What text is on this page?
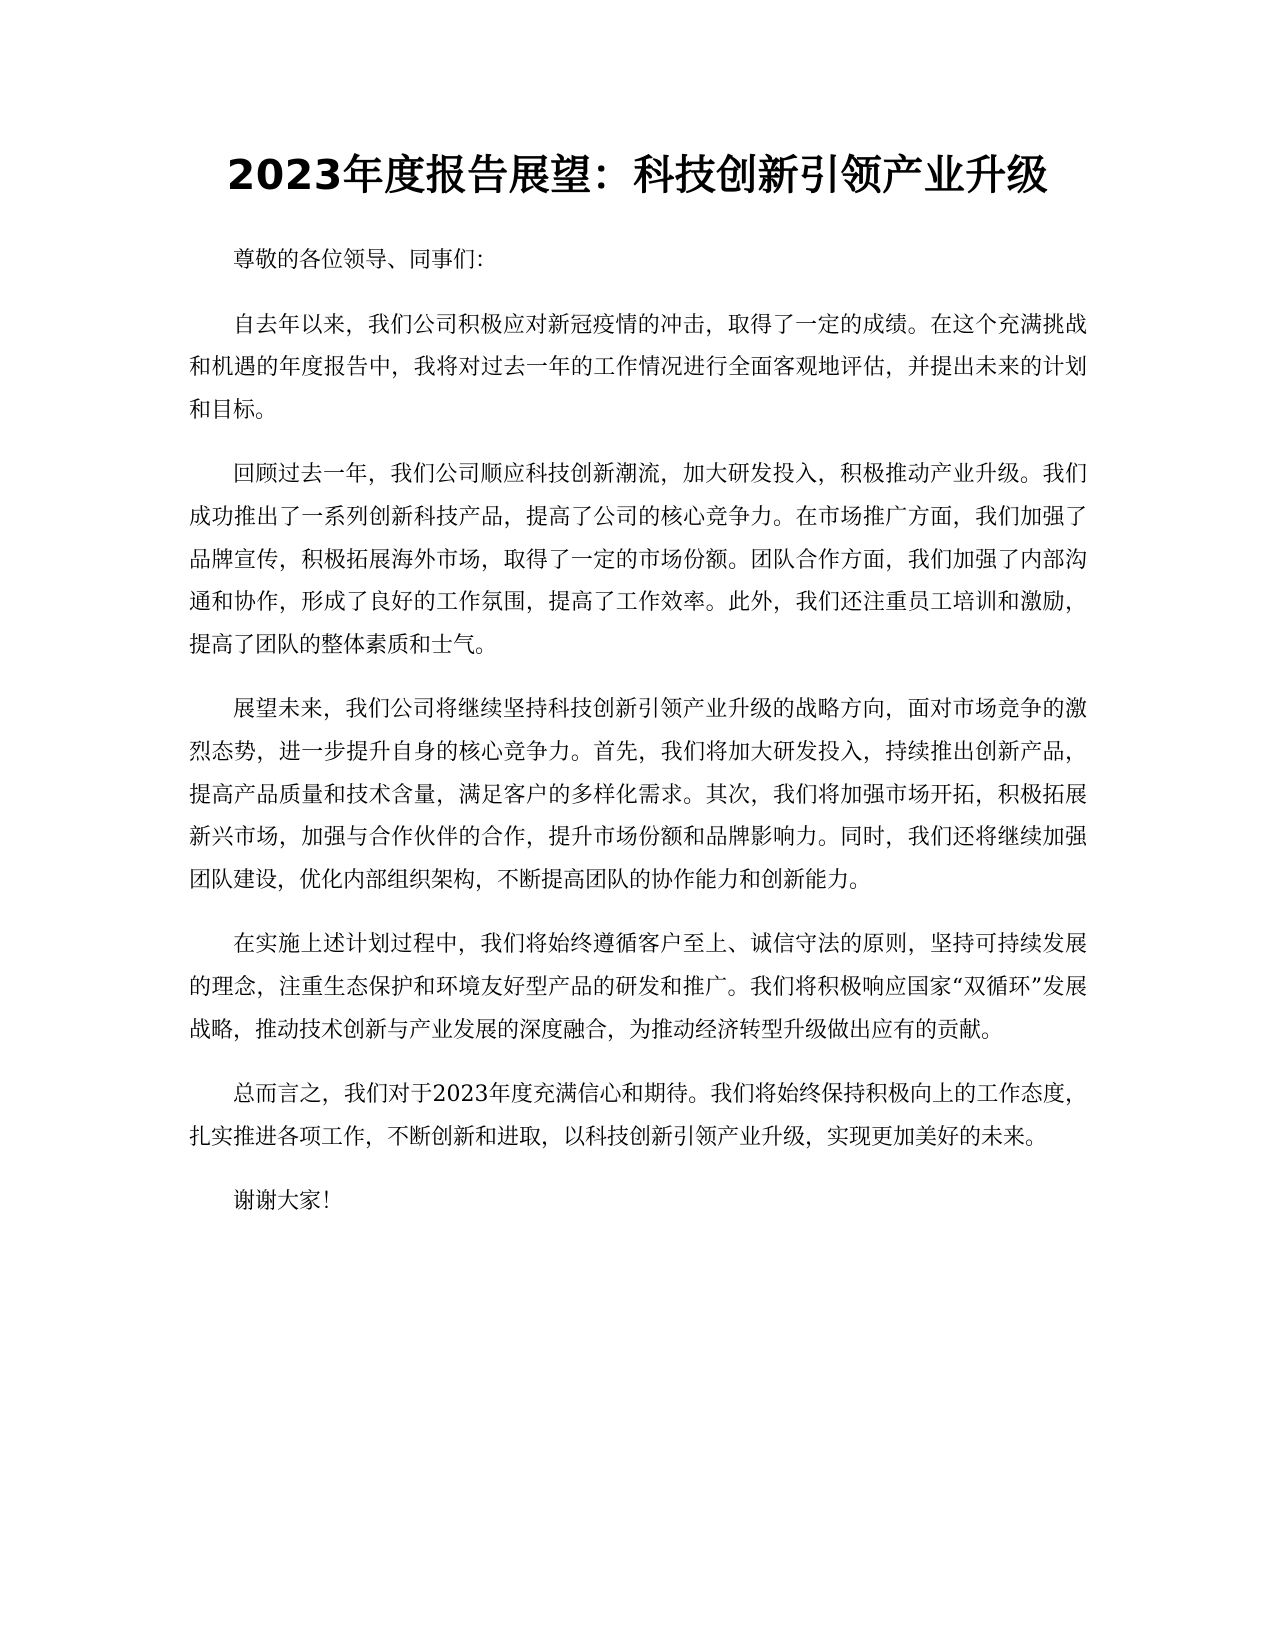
2023年度报告展望：科技创新引领产业升级

尊敬的各位领导、同事们：

自去年以来，我们公司积极应对新冠疫情的冲击，取得了一定的成绩。在这个充满挑战和机遇的年度报告中，我将对过去一年的工作情况进行全面客观地评估，并提出未来的计划和目标。

回顾过去一年，我们公司顺应科技创新潮流，加大研发投入，积极推动产业升级。我们成功推出了一系列创新科技产品，提高了公司的核心竞争力。在市场推广方面，我们加强了品牌宣传，积极拓展海外市场，取得了一定的市场份额。团队合作方面，我们加强了内部沟通和协作，形成了良好的工作氛围，提高了工作效率。此外，我们还注重员工培训和激励，提高了团队的整体素质和士气。

展望未来，我们公司将继续坚持科技创新引领产业升级的战略方向，面对市场竞争的激烈态势，进一步提升自身的核心竞争力。首先，我们将加大研发投入，持续推出创新产品，提高产品质量和技术含量，满足客户的多样化需求。其次，我们将加强市场开拓，积极拓展新兴市场，加强与合作伙伴的合作，提升市场份额和品牌影响力。同时，我们还将继续加强团队建设，优化内部组织架构，不断提高团队的协作能力和创新能力。

在实施上述计划过程中，我们将始终遵循客户至上、诚信守法的原则，坚持可持续发展的理念，注重生态保护和环境友好型产品的研发和推广。我们将积极响应国家“双循环”发展战略，推动技术创新与产业发展的深度融合，为推动经济转型升级做出应有的贡献。

总而言之，我们对于2023年度充满信心和期待。我们将始终保持积极向上的工作态度，扎实推进各项工作，不断创新和进取，以科技创新引领产业升级，实现更加美好的未来。

谢谢大家！
